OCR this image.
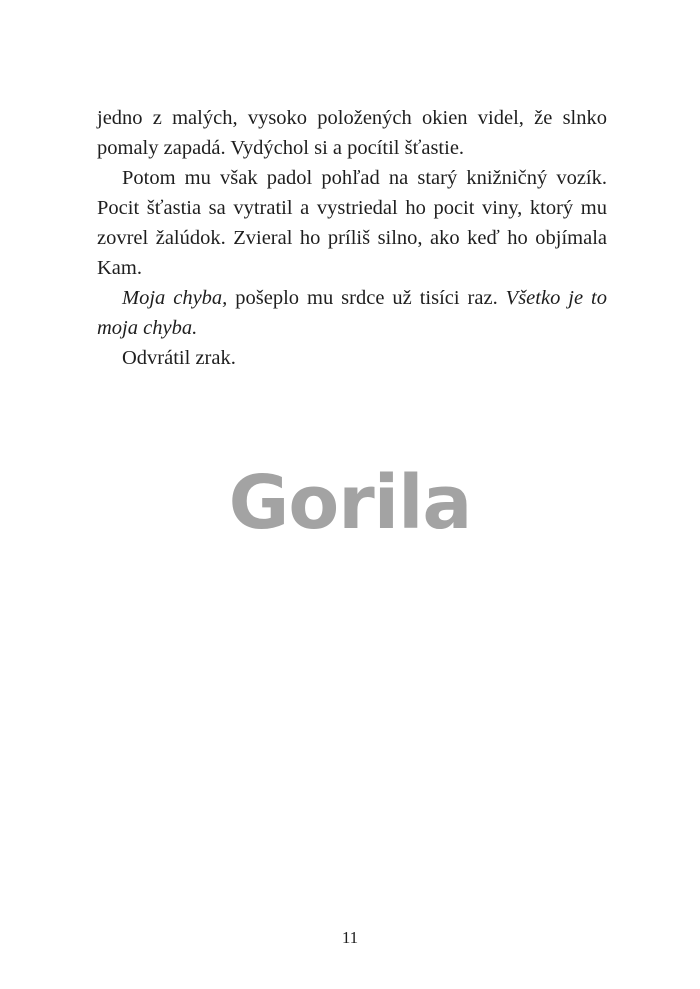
jedno z malých, vysoko položených okien videl, že slnko pomaly zapadá. Vydýchol si a pocítil šťastie.

Potom mu však padol pohľad na starý knižničný vozík. Pocit šťastia sa vytratil a vystriedal ho pocit viny, ktorý mu zovrel žalúdok. Zvieral ho príliš silno, ako keď ho objímala Kam.

Moja chyba, pošeplo mu srdce už tisíci raz. Všetko je to moja chyba.

Odvrátil zrak.

Gorila
11
